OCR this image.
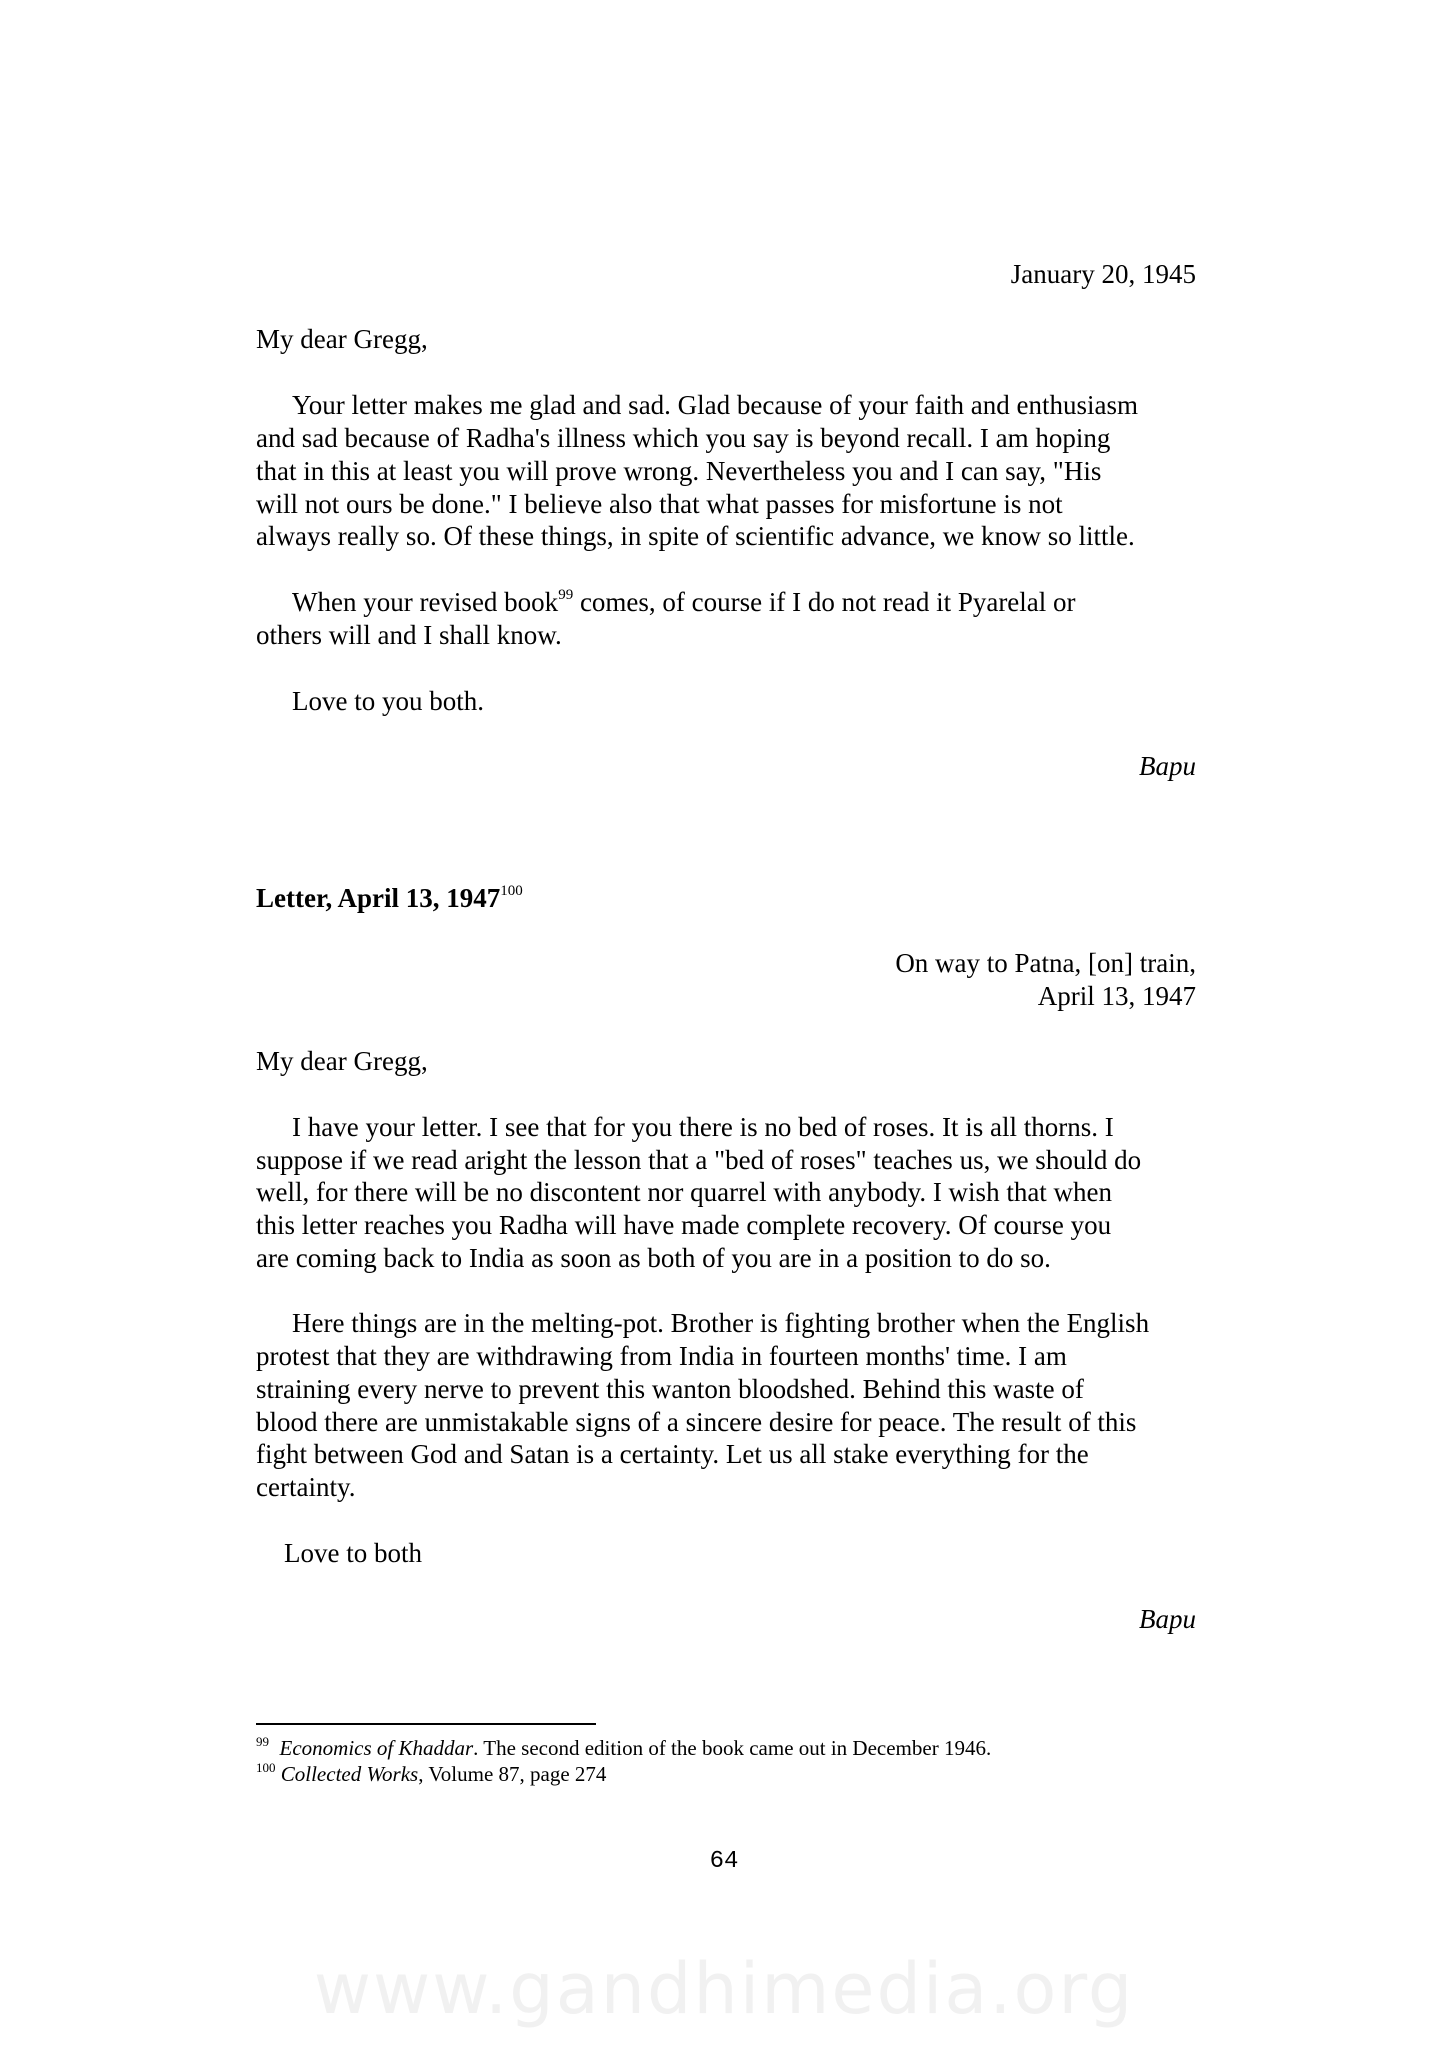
January 20, 1945
My dear Gregg,
Your letter makes me glad and sad. Glad because of your faith and enthusiasm
and sad because of Radha's illness which you say is beyond recall. I am hoping
that in this at least you will prove wrong. Nevertheless you and I can say, "His
will not ours be done." I believe also that what passes for misfortune is not
always really so. Of these things, in spite of scientific advance, we know so little.
When your revised book$^{99}$ comes, of course if I do not read it Pyarelal or
others will and I shall know.
Love to you both.
Bapu
Letter, April 13, 1947$^{100}$
On way to Patna, [on] train,
April 13, 1947
My dear Gregg,
I have your letter. I see that for you there is no bed of roses. It is all thorns. I
suppose if we read aright the lesson that a "bed of roses" teaches us, we should do
well, for there will be no discontent nor quarrel with anybody. I wish that when
this letter reaches you Radha will have made complete recovery. Of course you
are coming back to India as soon as both of you are in a position to do so.
Here things are in the melting-pot. Brother is fighting brother when the English
protest that they are withdrawing from India in fourteen months' time. I am
straining every nerve to prevent this wanton bloodshed. Behind this waste of
blood there are unmistakable signs of a sincere desire for peace. The result of this
fight between God and Satan is a certainty. Let us all stake everything for the
certainty.
Love to both
Bapu
$^{99}$ Economics of Khaddar. The second edition of the book came out in December 1946.
$^{100}$ Collected Works, Volume 87, page 274
64
www.gandhimedia.org
